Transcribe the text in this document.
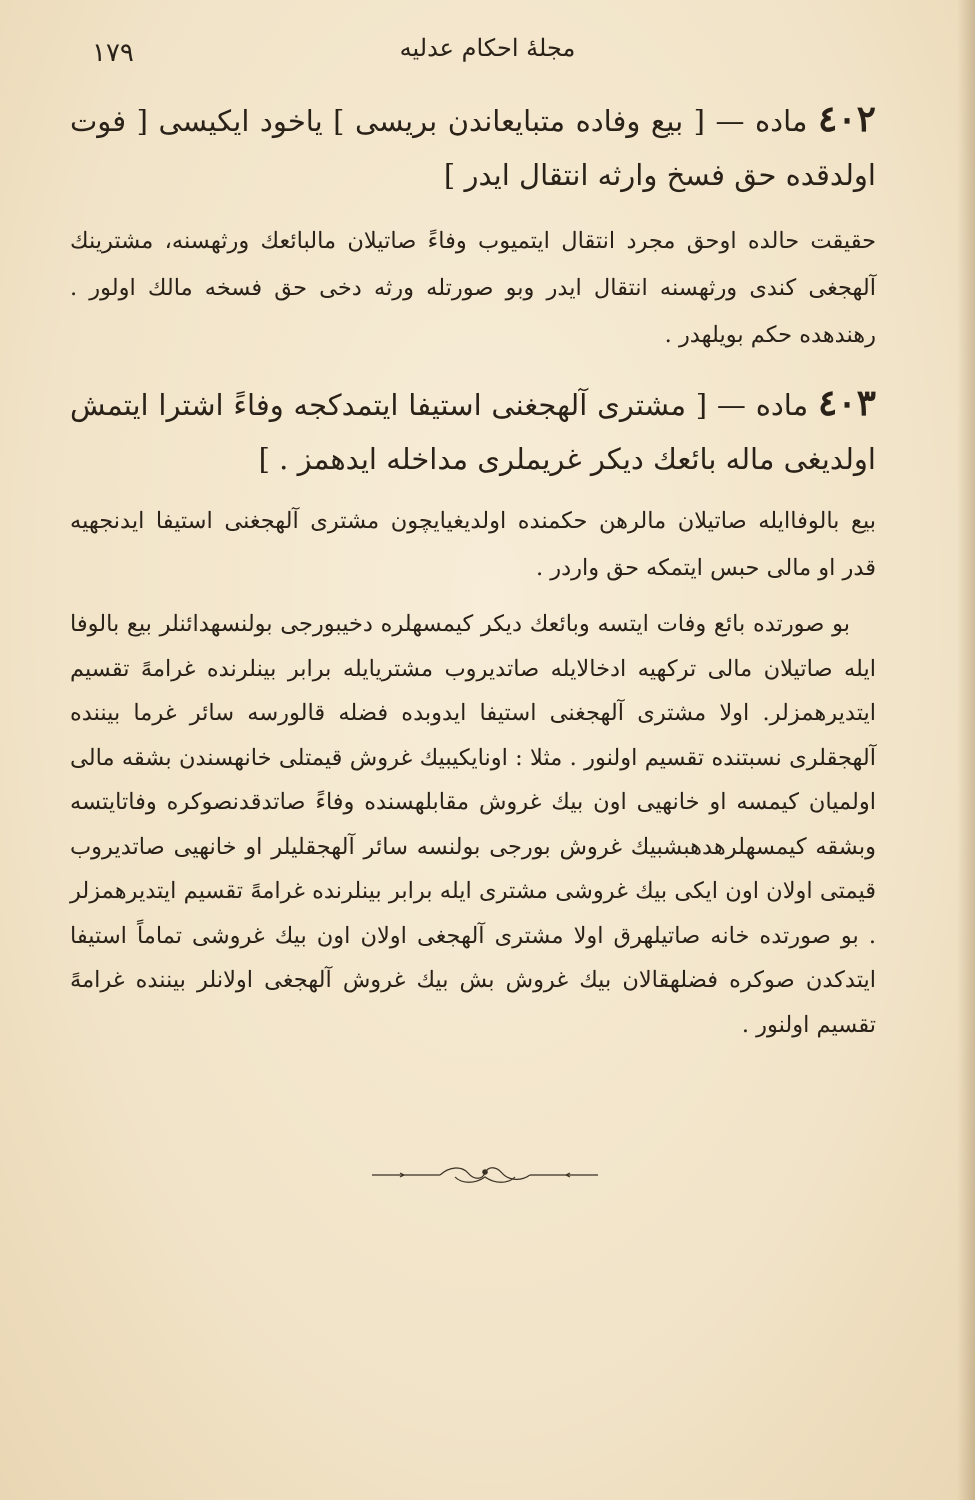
١٧٩	مجلهٔ احکام عدلیه
٤٠٢ ماده — [ بیع وفاده متبایعاندن بریسی ] یاخود ایکیسی [ فوت اولدقده حق فسخ وارثه انتقال ایدر ]
حقیقت حالده اوحق مجرد انتقال ایتمیوب وفاءً صاتیلان مالبائعك ورثهسنه، مشترینك آلهجغی کندی ورثهسنه انتقال ایدر وبو صورتله ورثه دخی حق فسخه مالك اولور . رهندهده حکم بویلهدر .
٤٠٣ ماده — [ مشتری آلهجغنی استیفا ایتمدکجه وفاءً اشترا ایتمش اولدیغی ماله بائعك دیکر غریملری مداخله ایدهمز . ]
بیع بالوفاایله صاتیلان مالرهن حکمنده اولدیغیایچون مشتری آلهجغنی استیفا ایدنجهیه قدر او مالی حبس ایتمکه حق واردر .
بو صورتده بائع وفات ایتسه وبائعك دیکر کیمسهلره دخیبورجی بولنسهدائنلر بیع بالوفا ایله صاتیلان مالی ترکهیه ادخالایله صاتدیروب مشتریایله برابر بینلرنده غرامهً تقسیم ایتدیرهمزلر. اولا مشتری آلهجغنی استیفا ایدوبده فضله قالورسه سائر غرما بیننده آلهجقلری نسبتنده تقسیم اولنور . مثلا : اونایکیبیك غروش قیمتلی خانهسندن بشقه مالی اولمیان کیمسه او خانهیی اون بیك غروش مقابلهسنده وفاءً صاتدقدنصوکره وفاتایتسه وبشقه کیمسهلرهدهبشبیك غروش بورجی بولنسه سائر آلهجقلیلر او خانهیی صاتدیروب قیمتی اولان اون ایکی بیك غروشی مشتری ایله برابر بینلرنده غرامهً تقسیم ایتدیرهمزلر . بو صورتده خانه صاتیلهرق اولا مشتری آلهجغی اولان اون بیك غروشی تماماً استیفا ایتدکدن صوکره فضلهقالان بیك غروش بش بیك غروش آلهجغی اولانلر بیننده غرامهً تقسیم اولنور .
